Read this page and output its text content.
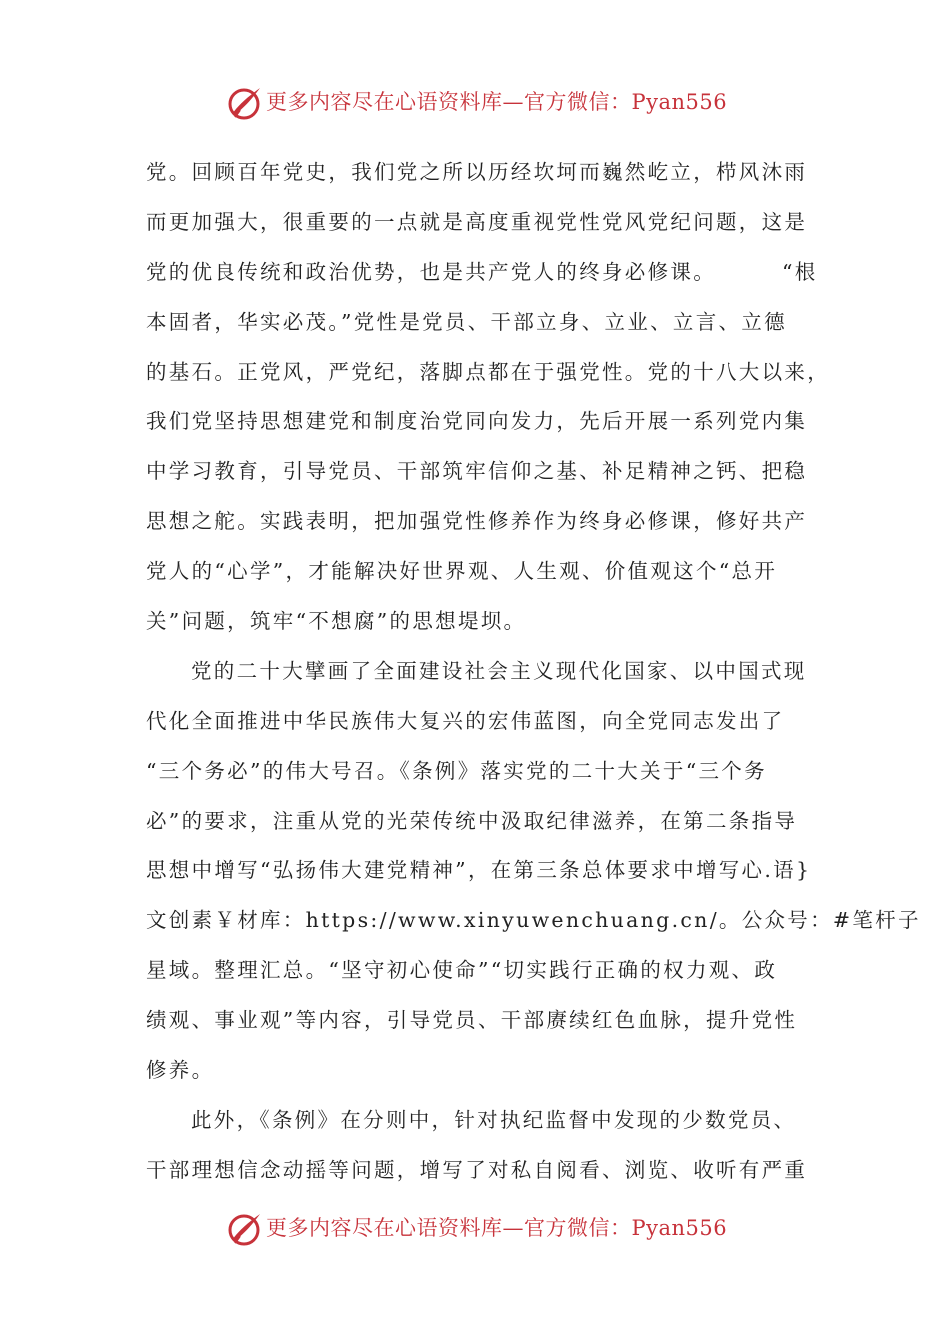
更多内容尽在心语资料库—官方微信：Pyan556
党。回顾百年党史，我们党之所以历经坎坷而巍然屹立，栉风沐雨
而更加强大，很重要的一点就是高度重视党性党风党纪问题，这是
党的优良传统和政治优势，也是共产党人的终身必修课。	“根
本固者，华实必茂。”党性是党员、干部立身、立业、立言、立德
的基石。正党风，严党纪，落脚点都在于强党性。党的十八大以来，
我们党坚持思想建党和制度治党同向发力，先后开展一系列党内集
中学习教育，引导党员、干部筑牢信仰之基、补足精神之钙、把稳
思想之舵。实践表明，把加强党性修养作为终身必修课，修好共产
党人的“心学”，才能解决好世界观、人生观、价值观这个“总开
关”问题，筑牢“不想腐”的思想堤坝。
党的二十大擘画了全面建设社会主义现代化国家、以中国式现
代化全面推进中华民族伟大复兴的宏伟蓝图，向全党同志发出了
“三个务必”的伟大号召。《条例》落实党的二十大关于“三个务
必”的要求，注重从党的光荣传统中汲取纪律滋养，在第二条指导
思想中增写“弘扬伟大建党精神”，在第三条总体要求中增写心.语}
文创素￥材库：https://www.xinyuwenchuang.cn/。公众号：#笔杆子
星域。整理汇总。“坚守初心使命”“切实践行正确的权力观、政
绩观、事业观”等内容，引导党员、干部赓续红色血脉，提升党性
修养。
此外，《条例》在分则中，针对执纪监督中发现的少数党员、
干部理想信念动摇等问题，增写了对私自阅看、浏览、收听有严重
更多内容尽在心语资料库—官方微信：Pyan556
